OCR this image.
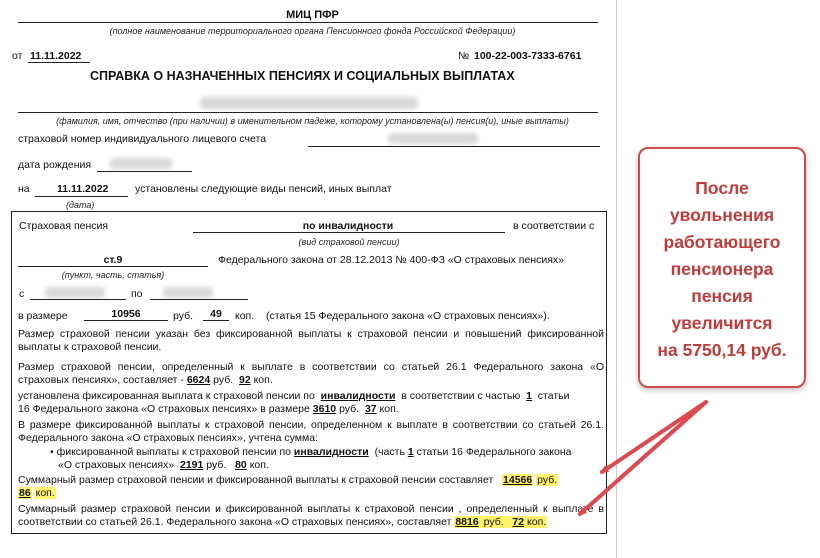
МИЦ ПФР
(полное наименование территориального органа Пенсионного фонда Российской Федерации)
от 11.11.2022	№ 100-22-003-7333-6761
СПРАВКА О НАЗНАЧЕННЫХ ПЕНСИЯХ И СОЦИАЛЬНЫХ ВЫПЛАТАХ
(фамилия, имя, отчество (при наличии) в именительном падеже, которому установлена(ы) пенсия(и), иные выплаты)
страховой номер индивидуального лицевого счета
дата рождения
на	11.11.2022	установлены следующие виды пенсий, иных выплат
(дата)
Страховая пенсия	по инвалидности	в соответствии с
(вид страховой пенсии)
ст.9	Федерального закона от 28.12.2013 № 400-ФЗ «О страховых пенсиях»
(пункт, часть, статья)
с	по
в размере	10956	руб.	49	коп. (статья 15 Федерального закона «О страховых пенсиях»).
Размер страховой пенсии указан без фиксированной выплаты к страховой пенсии и повышений фиксированной
выплаты к страховой пенсии.
Размер страховой пенсии, определенный к выплате в соответствии со статьей 26.1 Федерального закона «О
страховых пенсиях», составляет - 6624 руб. 92 коп.
установлена фиксированная выплата к страховой пенсии по инвалидности в соответствии с частью 1 статьи
16 Федерального закона «О страховых пенсиях» в размере 3610 руб. 37 коп.
В размере фиксированной выплаты к страховой пенсии, определенном к выплате в соответствии со статьей 26.1.
Федерального закона «О страховых пенсиях», учтена сумма:
• фиксированной выплаты к страховой пенсии по инвалидности (часть 1 статьи 16 Федерального закона
«О страховых пенсиях» 2191 руб. 80 коп.
Суммарный размер страховой пенсии и фиксированной выплаты к страховой пенсии составляет 14566 руб.
86 коп.
Суммарный размер страховой пенсии и фиксированной выплаты к страховой пенсии , определенный к выплате в
соответствии со статьей 26.1. Федерального закона «О страховых пенсиях», составляет 8816 руб. 72 коп.
После
увольнения
работающего
пенсионера
пенсия
увеличится
на 5750,14 руб.
